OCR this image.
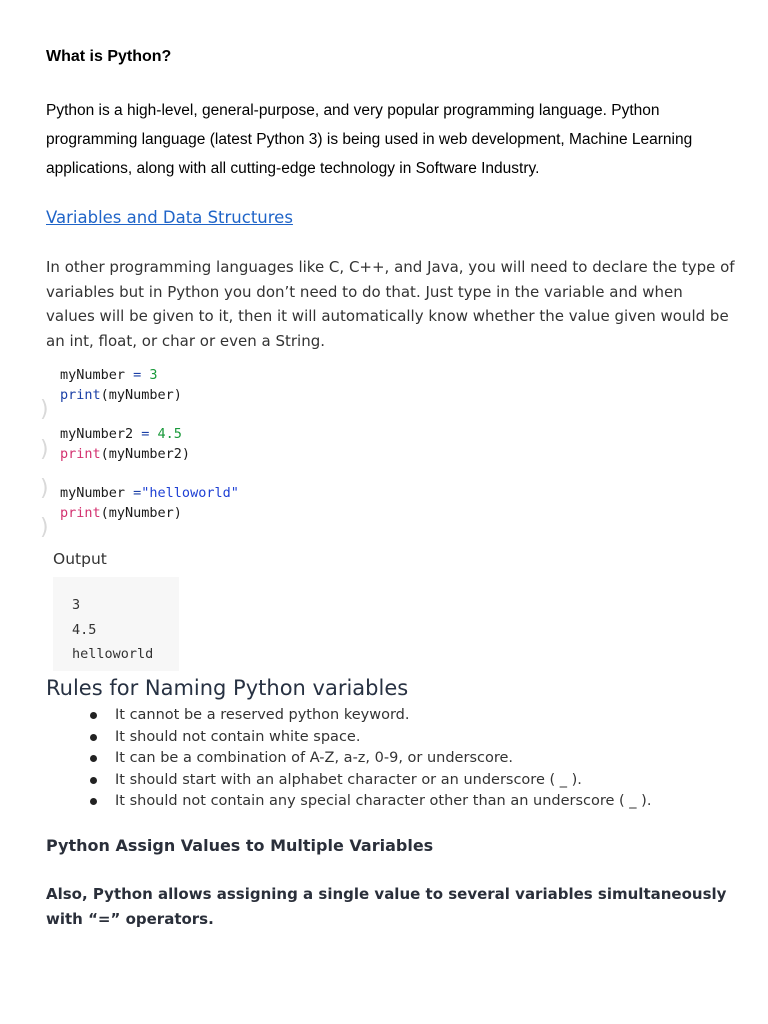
What is Python?
Python is a high-level, general-purpose, and very popular programming language. Python programming language (latest Python 3) is being used in web development, Machine Learning applications, along with all cutting-edge technology in Software Industry.
Variables and Data Structures
In other programming languages like C, C++, and Java, you will need to declare the type of variables but in Python you don’t need to do that. Just type in the variable and when values will be given to it, then it will automatically know whether the value given would be an int, float, or char or even a String.
)
)
)
)
myNumber = 3
print(myNumber)
myNumber2 = 4.5
print(myNumber2)
myNumber ="helloworld"
print(myNumber)
Output
3
4.5
helloworld
Rules for Naming Python variables
It cannot be a reserved python keyword.
It should not contain white space.
It can be a combination of A-Z, a-z, 0-9, or underscore.
It should start with an alphabet character or an underscore ( _ ).
It should not contain any special character other than an underscore ( _ ).
Python Assign Values to Multiple Variables
Also, Python allows assigning a single value to several variables simultaneously with “=” operators.
